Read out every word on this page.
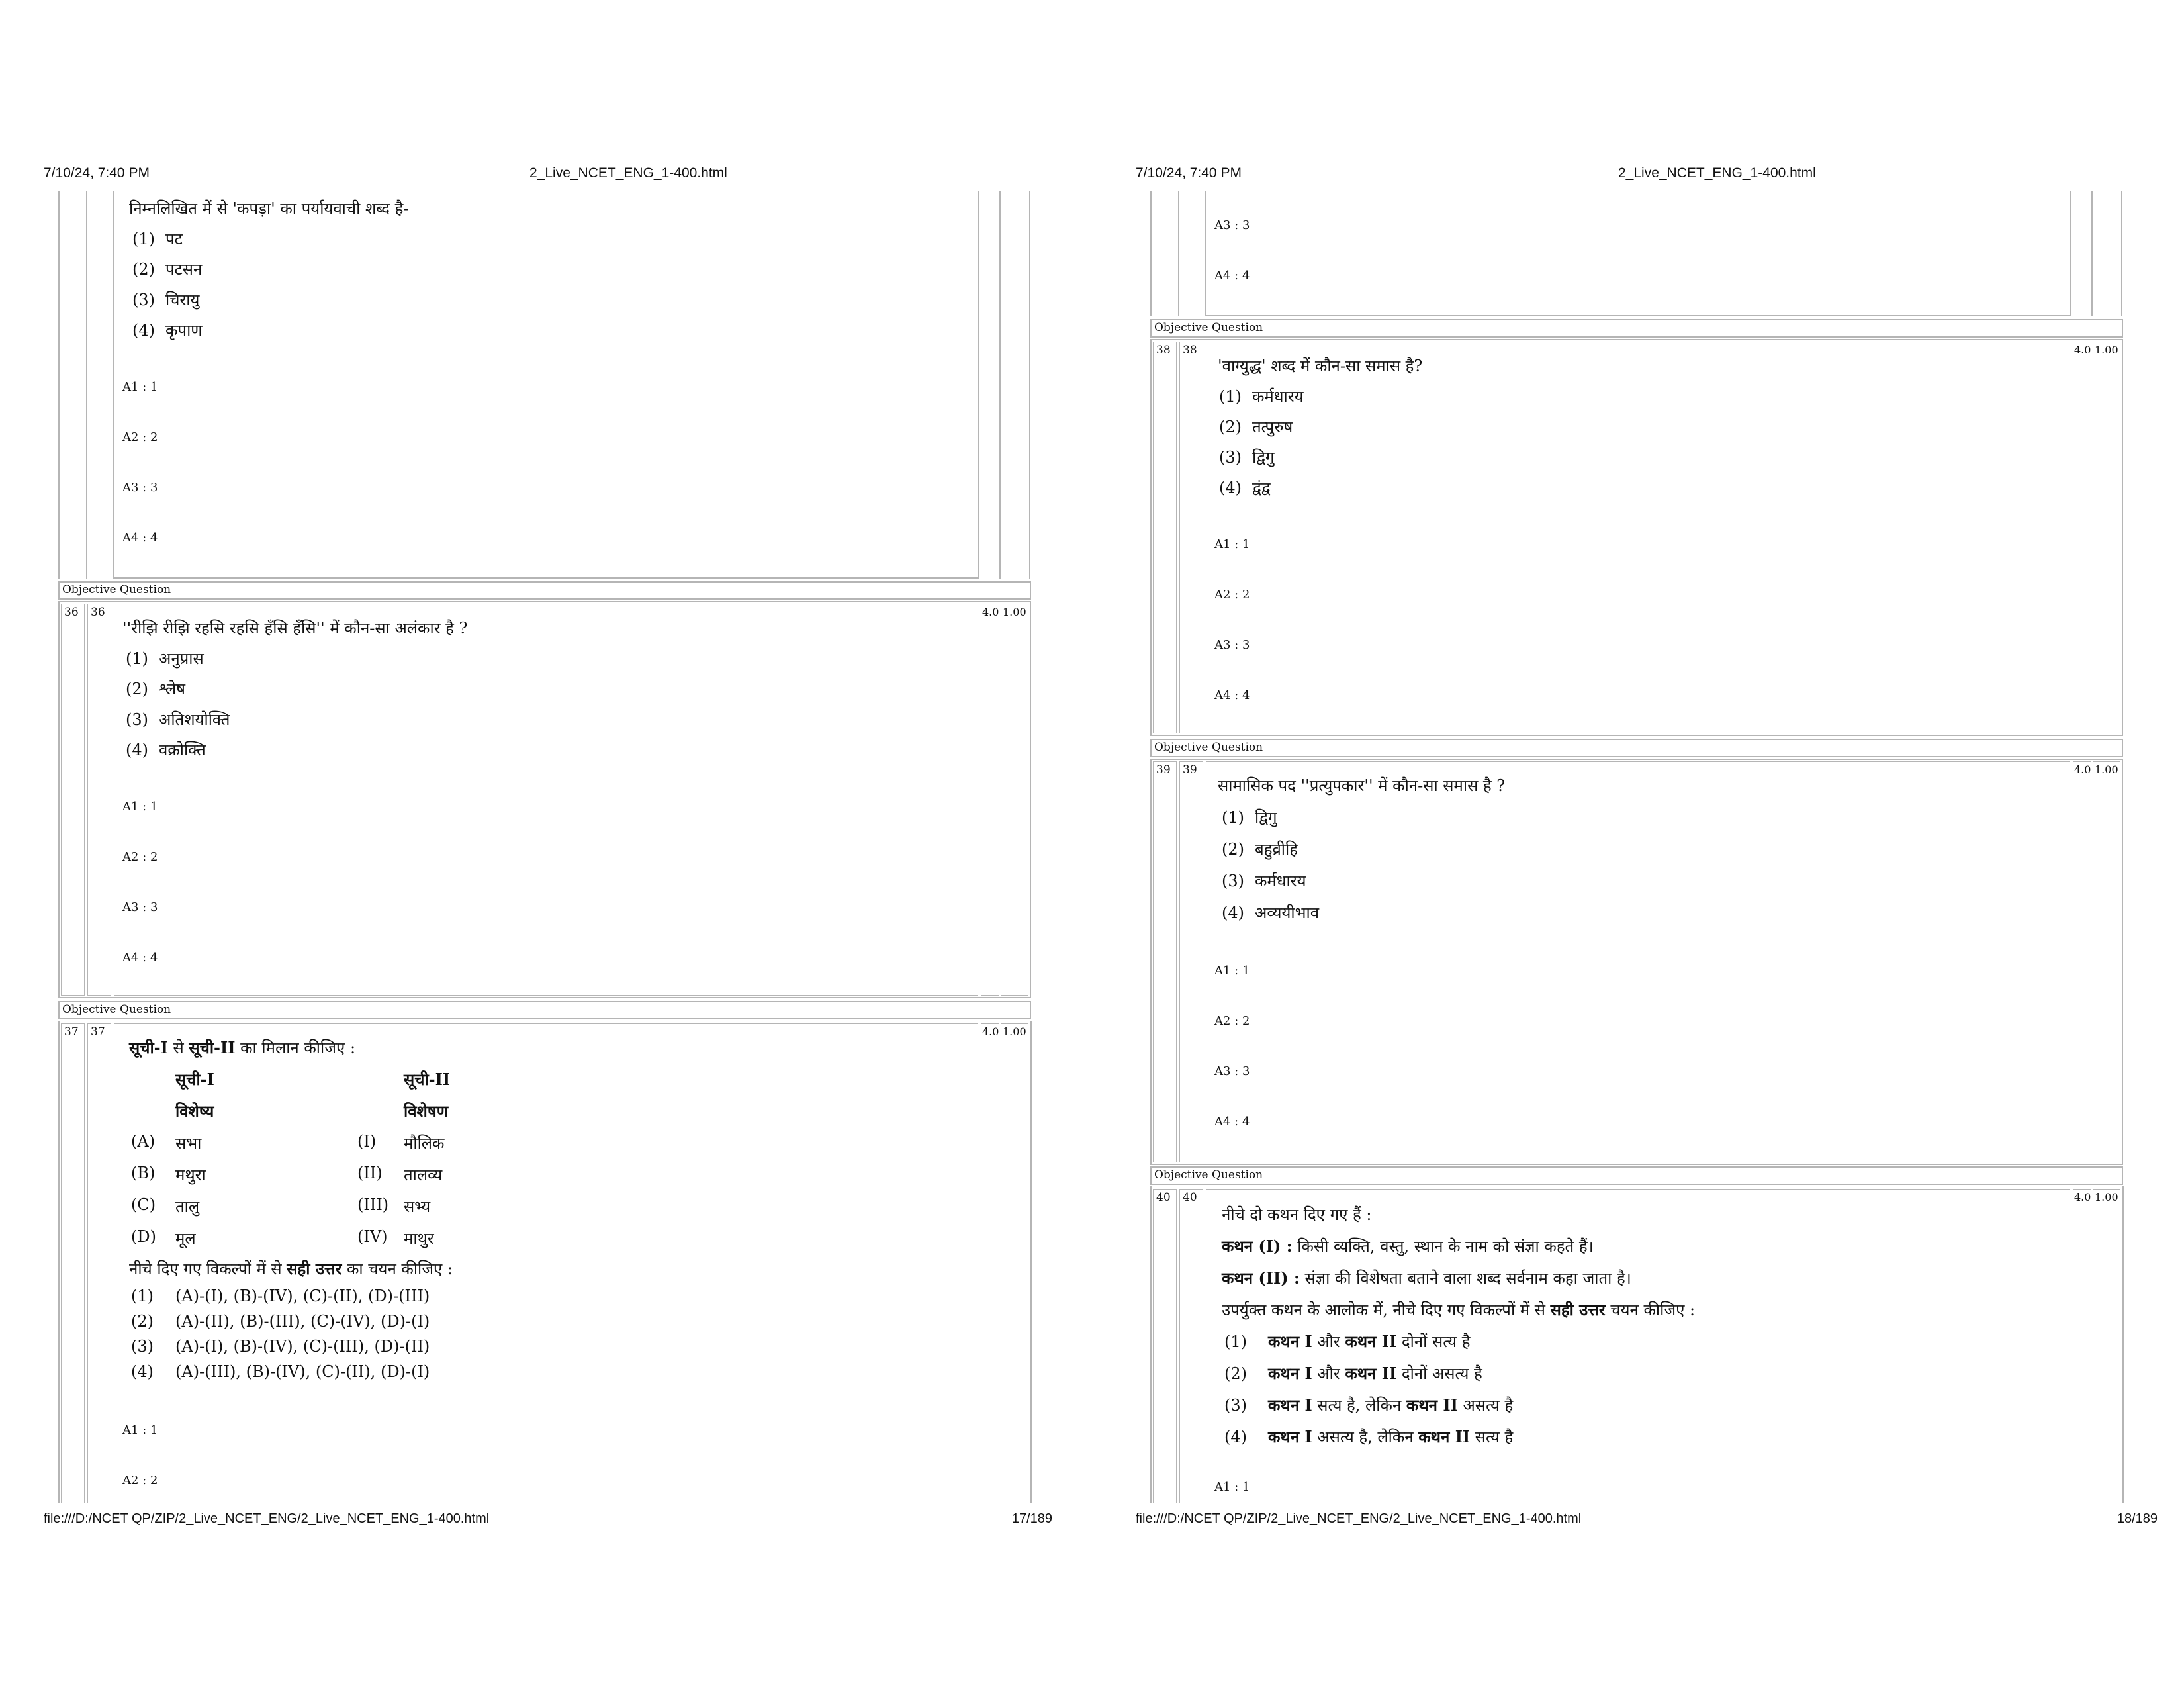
7/10/24, 7:40 PM	2_Live_NCET_ENG_1-400.html
निम्नलिखित में से 'कपड़ा' का पर्यायवाची शब्द है-
(1) पट
(2) पटसन
(3) चिरायु
(4) कृपाण
A1 : 1
A2 : 2
A3 : 3
A4 : 4
Objective Question
36	36	4.0 1.00
''रीझि रीझि रहसि रहसि हँसि हँसि'' में कौन-सा अलंकार है ?
(1) अनुप्रास
(2) श्लेष
(3) अतिशयोक्ति
(4) वक्रोक्ति
A1 : 1
A2 : 2
A3 : 3
A4 : 4
Objective Question
37	37	4.0 1.00
सूची-I से सूची-II का मिलान कीजिए :
सूची-I	सूची-II
विशेष्य	विशेषण
(A) सभा	(I) मौलिक
(B) मथुरा	(II) तालव्य
(C) तालु	(III) सभ्य
(D) मूल	(IV) माथुर
नीचे दिए गए विकल्पों में से सही उत्तर का चयन कीजिए :
(1) (A)-(I), (B)-(IV), (C)-(II), (D)-(III)
(2) (A)-(II), (B)-(III), (C)-(IV), (D)-(I)
(3) (A)-(I), (B)-(IV), (C)-(III), (D)-(II)
(4) (A)-(III), (B)-(IV), (C)-(II), (D)-(I)
A1 : 1
A2 : 2
file:///D:/NCET QP/ZIP/2_Live_NCET_ENG/2_Live_NCET_ENG_1-400.html	17/189
7/10/24, 7:40 PM	2_Live_NCET_ENG_1-400.html
A3 : 3
A4 : 4
Objective Question
38	38	4.0 1.00
'वाग्युद्ध' शब्द में कौन-सा समास है?
(1) कर्मधारय
(2) तत्पुरुष
(3) द्विगु
(4) द्वंद्व
A1 : 1
A2 : 2
A3 : 3
A4 : 4
Objective Question
39	39	4.0 1.00
सामासिक पद ''प्रत्युपकार'' में कौन-सा समास है ?
(1) द्विगु
(2) बहुव्रीहि
(3) कर्मधारय
(4) अव्ययीभाव
A1 : 1
A2 : 2
A3 : 3
A4 : 4
Objective Question
40	40	4.0 1.00
नीचे दो कथन दिए गए हैं :
कथन (I) : किसी व्यक्ति, वस्तु, स्थान के नाम को संज्ञा कहते हैं।
कथन (II) : संज्ञा की विशेषता बताने वाला शब्द सर्वनाम कहा जाता है।
उपर्युक्त कथन के आलोक में, नीचे दिए गए विकल्पों में से सही उत्तर चयन कीजिए :
(1) कथन I और कथन II दोनों सत्य है
(2) कथन I और कथन II दोनों असत्य है
(3) कथन I सत्य है, लेकिन कथन II असत्य है
(4) कथन I असत्य है, लेकिन कथन II सत्य है
A1 : 1
file:///D:/NCET QP/ZIP/2_Live_NCET_ENG/2_Live_NCET_ENG_1-400.html	18/189
